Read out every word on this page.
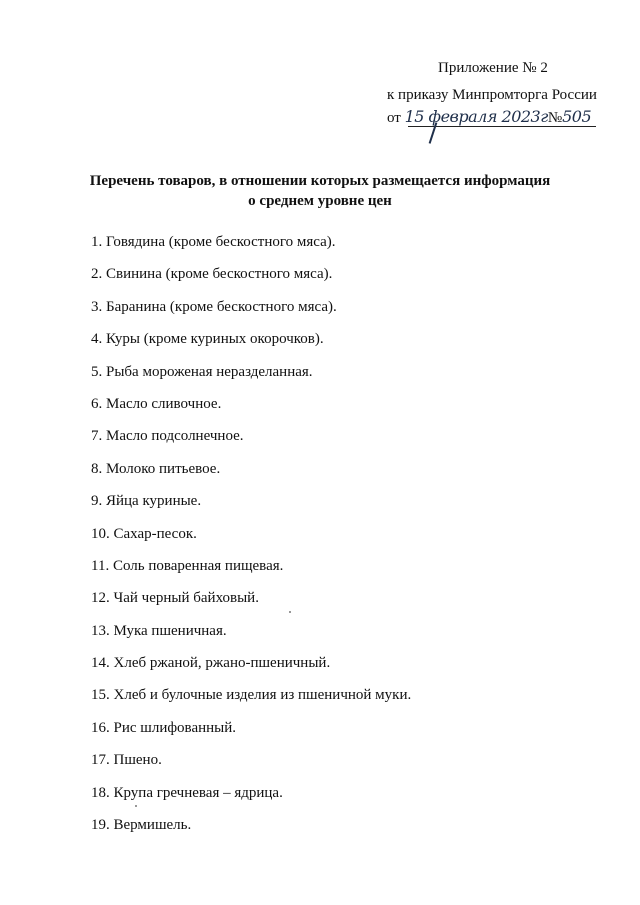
Приложение № 2
к приказу Минпромторга России
от 15 февраля 2023г№505
Перечень товаров, в отношении которых размещается информация
о среднем уровне цен
1. Говядина (кроме бескостного мяса).
2. Свинина (кроме бескостного мяса).
3. Баранина (кроме бескостного мяса).
4. Куры (кроме куриных окорочков).
5. Рыба мороженая неразделанная.
6. Масло сливочное.
7. Масло подсолнечное.
8. Молоко питьевое.
9. Яйца куриные.
10. Сахар-песок.
11. Соль поваренная пищевая.
12. Чай черный байховый.
13. Мука пшеничная.
14. Хлеб ржаной, ржано-пшеничный.
15. Хлеб и булочные изделия из пшеничной муки.
16. Рис шлифованный.
17. Пшено.
18. Крупа гречневая – ядрица.
19. Вермишель.
